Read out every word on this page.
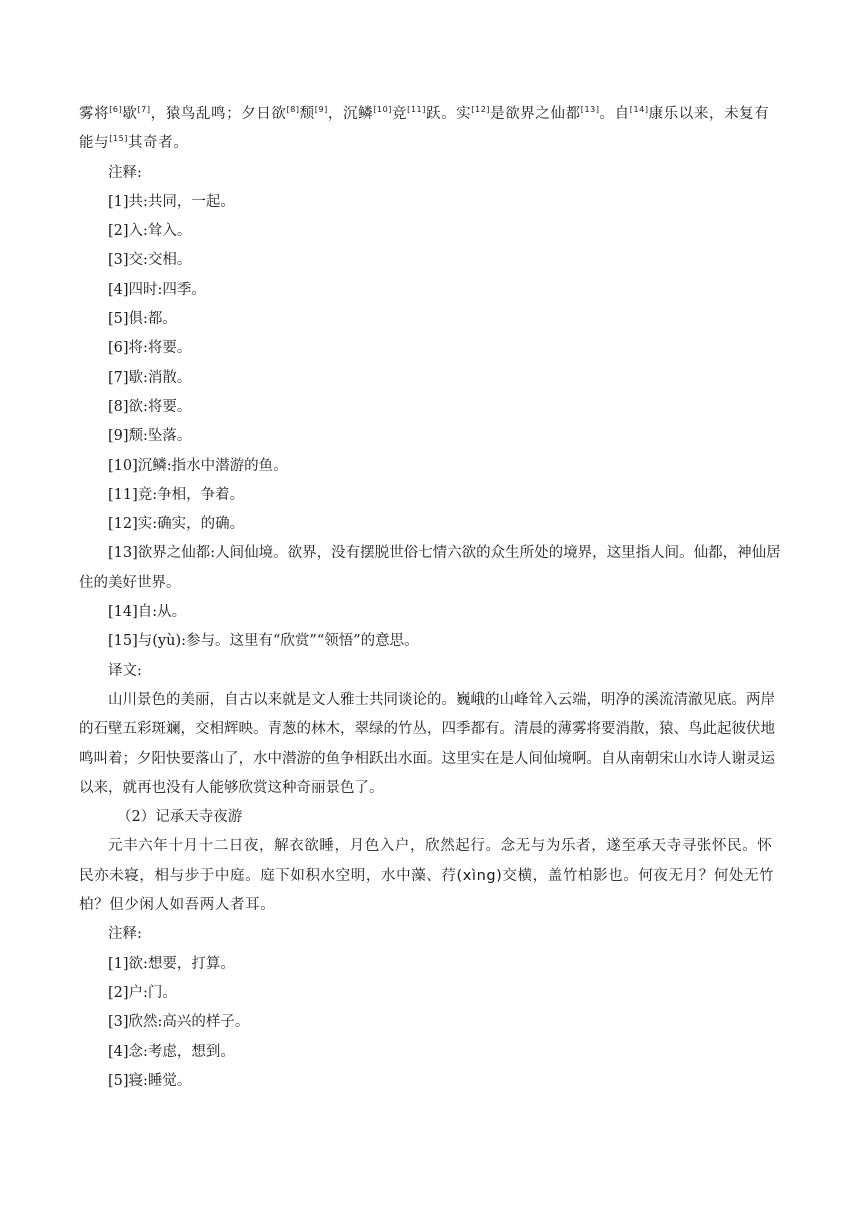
雾将[6]歇[7]，猿鸟乱鸣；夕日欲[8]颓[9]，沉鳞[10]竞[11]跃。实[12]是欲界之仙都[13]。自[14]康乐以来，未复有能与[15]其奇者。

注释:

[1]共:共同，一起。

[2]入:耸入。

[3]交:交相。

[4]四时:四季。

[5]俱:都。

[6]将:将要。

[7]歇:消散。

[8]欲:将要。

[9]颓:坠落。

[10]沉鳞:指水中潜游的鱼。

[11]竞:争相，争着。

[12]实:确实，的确。

[13]欲界之仙都:人间仙境。欲界，没有摆脱世俗七情六欲的众生所处的境界，这里指人间。仙都，神仙居住的美好世界。

[14]自:从。

[15]与(yù):参与。这里有“欣赏”“领悟”的意思。

译文:

山川景色的美丽，自古以来就是文人雅士共同谈论的。巍峨的山峰耸入云端，明净的溪流清澈见底。两岸的石壁五彩斑斓，交相辉映。青葱的林木，翠绿的竹丛，四季都有。清晨的薄雾将要消散，猿、鸟此起彼伏地鸣叫着；夕阳快要落山了，水中潜游的鱼争相跃出水面。这里实在是人间仙境啊。自从南朝宋山水诗人谢灵运以来，就再也没有人能够欣赏这种奇丽景色了。

（2）记承天寺夜游

元丰六年十月十二日夜，解衣欲睡，月色入户，欣然起行。念无与为乐者，遂至承天寺寻张怀民。怀民亦未寝，相与步于中庭。庭下如积水空明，水中藻、荇(xìng)交横，盖竹柏影也。何夜无月？何处无竹柏？但少闲人如吾两人者耳。

注释:

[1]欲:想要，打算。

[2]户:门。

[3]欣然:高兴的样子。

[4]念:考虑，想到。

[5]寝:睡觉。
